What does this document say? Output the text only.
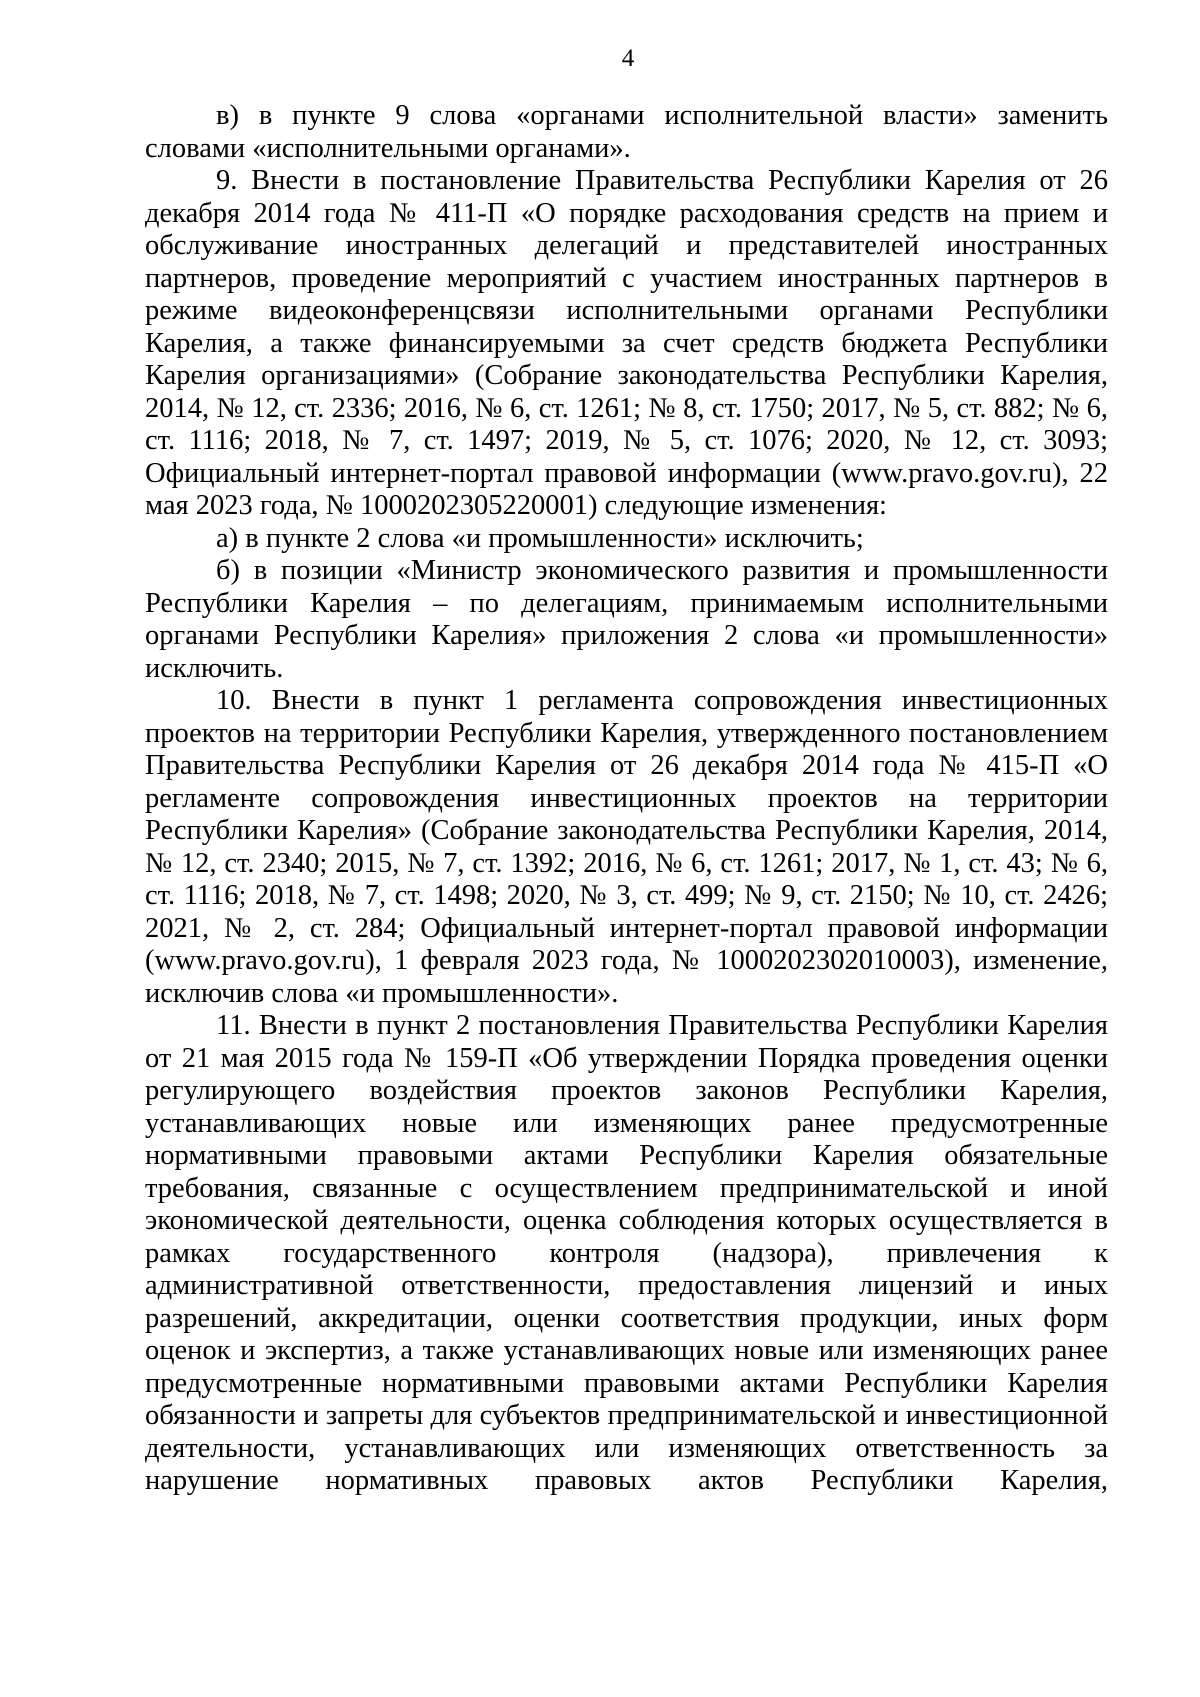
4

в) в пункте 9 слова «органами исполнительной власти» заменить словами «исполнительными органами».

9. Внести в постановление Правительства Республики Карелия от 26 декабря 2014 года № 411-П «О порядке расходования средств на прием и обслуживание иностранных делегаций и представителей иностранных партнеров, проведение мероприятий с участием иностранных партнеров в режиме видеоконференцсвязи исполнительными органами Республики Карелия, а также финансируемыми за счет средств бюджета Республики Карелия организациями» (Собрание законодательства Республики Карелия, 2014, № 12, ст. 2336; 2016, № 6, ст. 1261; № 8, ст. 1750; 2017, № 5, ст. 882; № 6, ст. 1116; 2018, № 7, ст. 1497; 2019, № 5, ст. 1076; 2020, № 12, ст. 3093; Официальный интернет-портал правовой информации (www.pravo.gov.ru), 22 мая 2023 года, № 1000202305220001) следующие изменения:

а) в пункте 2 слова «и промышленности» исключить;

б) в позиции «Министр экономического развития и промышленности Республики Карелия – по делегациям, принимаемым исполнительными органами Республики Карелия» приложения 2 слова «и промышленности» исключить.

10. Внести в пункт 1 регламента сопровождения инвестиционных проектов на территории Республики Карелия, утвержденного постановлением Правительства Республики Карелия от 26 декабря 2014 года № 415-П «О регламенте сопровождения инвестиционных проектов на территории Республики Карелия» (Собрание законодательства Республики Карелия, 2014, № 12, ст. 2340; 2015, № 7, ст. 1392; 2016, № 6, ст. 1261; 2017, № 1, ст. 43; № 6, ст. 1116; 2018, № 7, ст. 1498; 2020, № 3, ст. 499; № 9, ст. 2150; № 10, ст. 2426; 2021, № 2, ст. 284; Официальный интернет-портал правовой информации (www.pravo.gov.ru), 1 февраля 2023 года, № 1000202302010003), изменение, исключив слова «и промышленности».

11. Внести в пункт 2 постановления Правительства Республики Карелия от 21 мая 2015 года № 159-П «Об утверждении Порядка проведения оценки регулирующего воздействия проектов законов Республики Карелия, устанавливающих новые или изменяющих ранее предусмотренные нормативными правовыми актами Республики Карелия обязательные требования, связанные с осуществлением предпринимательской и иной экономической деятельности, оценка соблюдения которых осуществляется в рамках государственного контроля (надзора), привлечения к административной ответственности, предоставления лицензий и иных разрешений, аккредитации, оценки соответствия продукции, иных форм оценок и экспертиз, а также устанавливающих новые или изменяющих ранее предусмотренные нормативными правовыми актами Республики Карелия обязанности и запреты для субъектов предпринимательской и инвестиционной деятельности, устанавливающих или изменяющих ответственность за нарушение нормативных правовых актов Республики Карелия,
